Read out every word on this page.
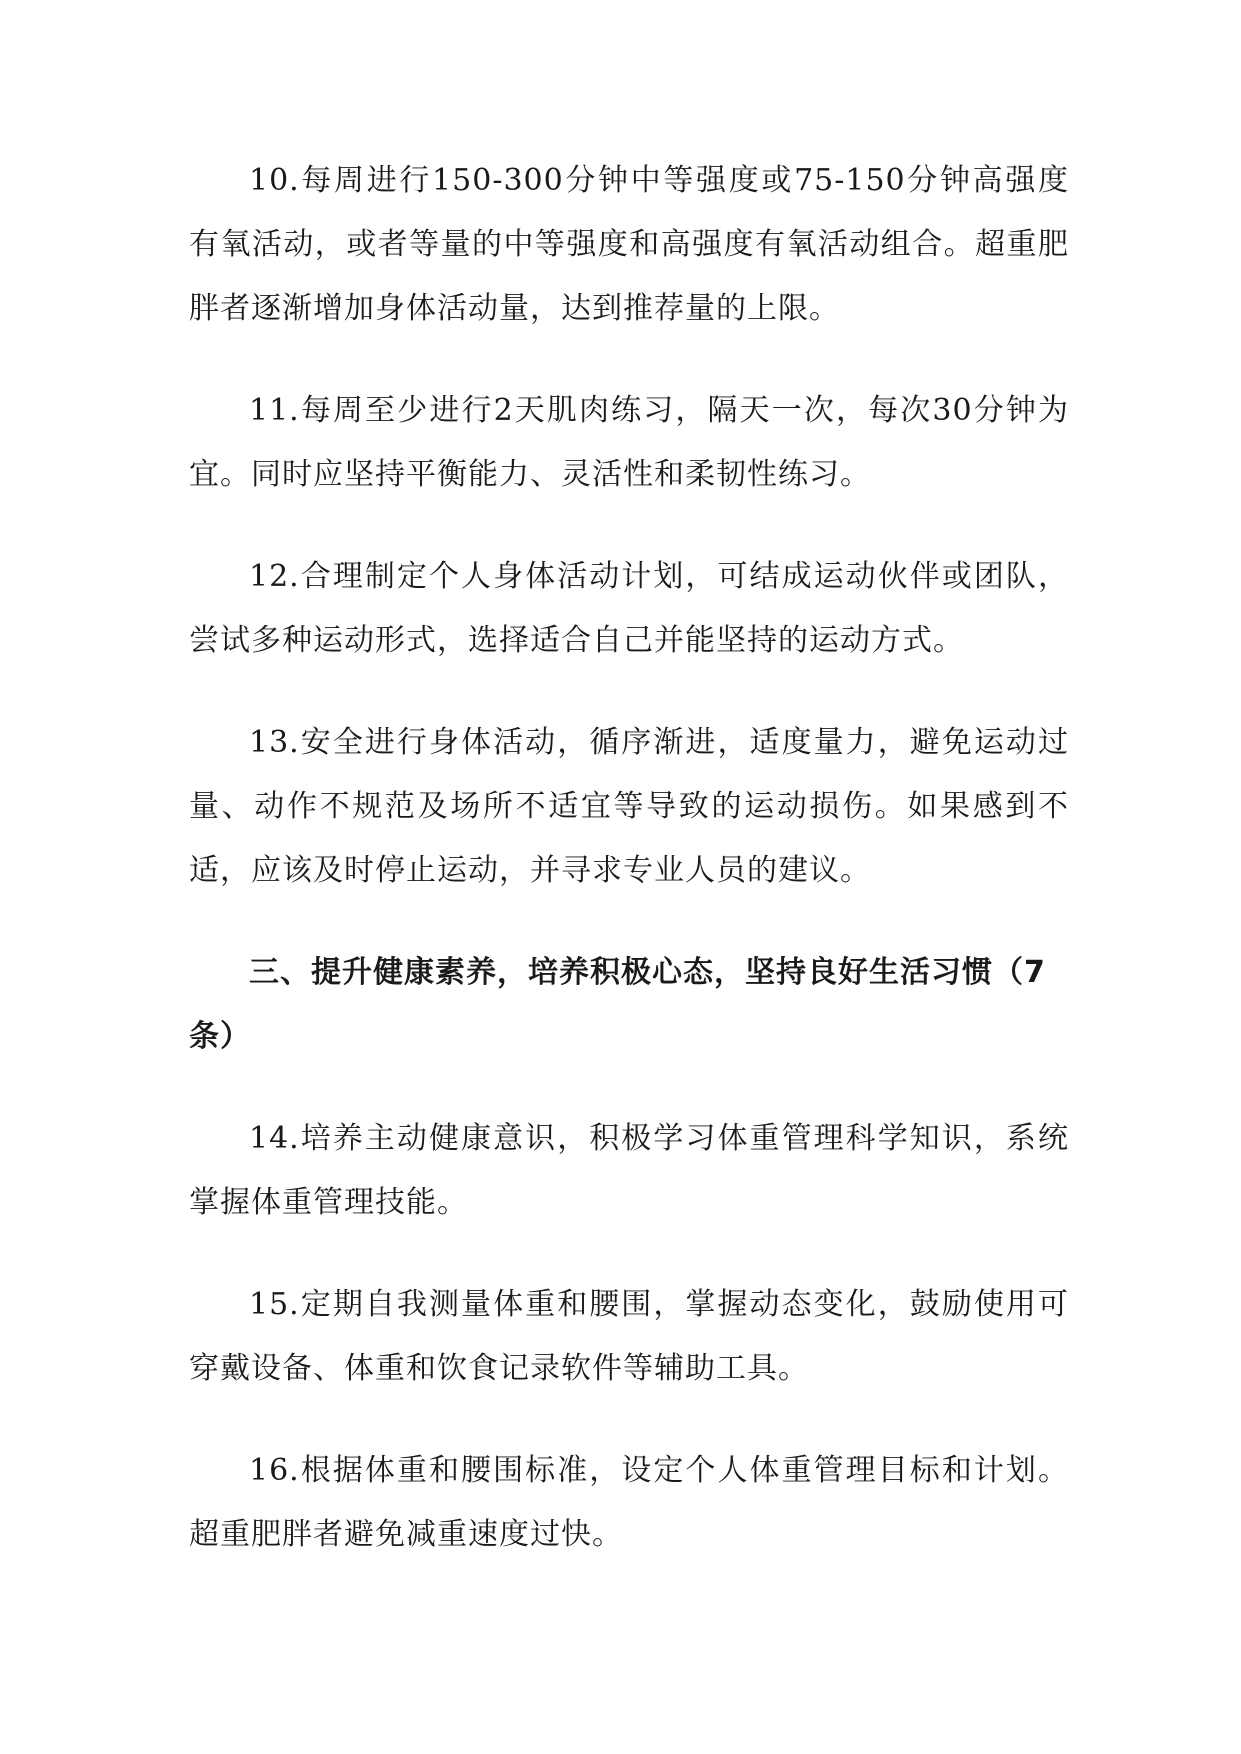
10.每周进行150-300分钟中等强度或75-150分钟高强度有氧活动，或者等量的中等强度和高强度有氧活动组合。超重肥胖者逐渐增加身体活动量，达到推荐量的上限。

11.每周至少进行2天肌肉练习，隔天一次，每次30分钟为宜。同时应坚持平衡能力、灵活性和柔韧性练习。

12.合理制定个人身体活动计划，可结成运动伙伴或团队，尝试多种运动形式，选择适合自己并能坚持的运动方式。

13.安全进行身体活动，循序渐进，适度量力，避免运动过量、动作不规范及场所不适宜等导致的运动损伤。如果感到不适，应该及时停止运动，并寻求专业人员的建议。

三、提升健康素养，培养积极心态，坚持良好生活习惯（7条）

14.培养主动健康意识，积极学习体重管理科学知识，系统掌握体重管理技能。

15.定期自我测量体重和腰围，掌握动态变化，鼓励使用可穿戴设备、体重和饮食记录软件等辅助工具。

16.根据体重和腰围标准，设定个人体重管理目标和计划。超重肥胖者避免减重速度过快。
